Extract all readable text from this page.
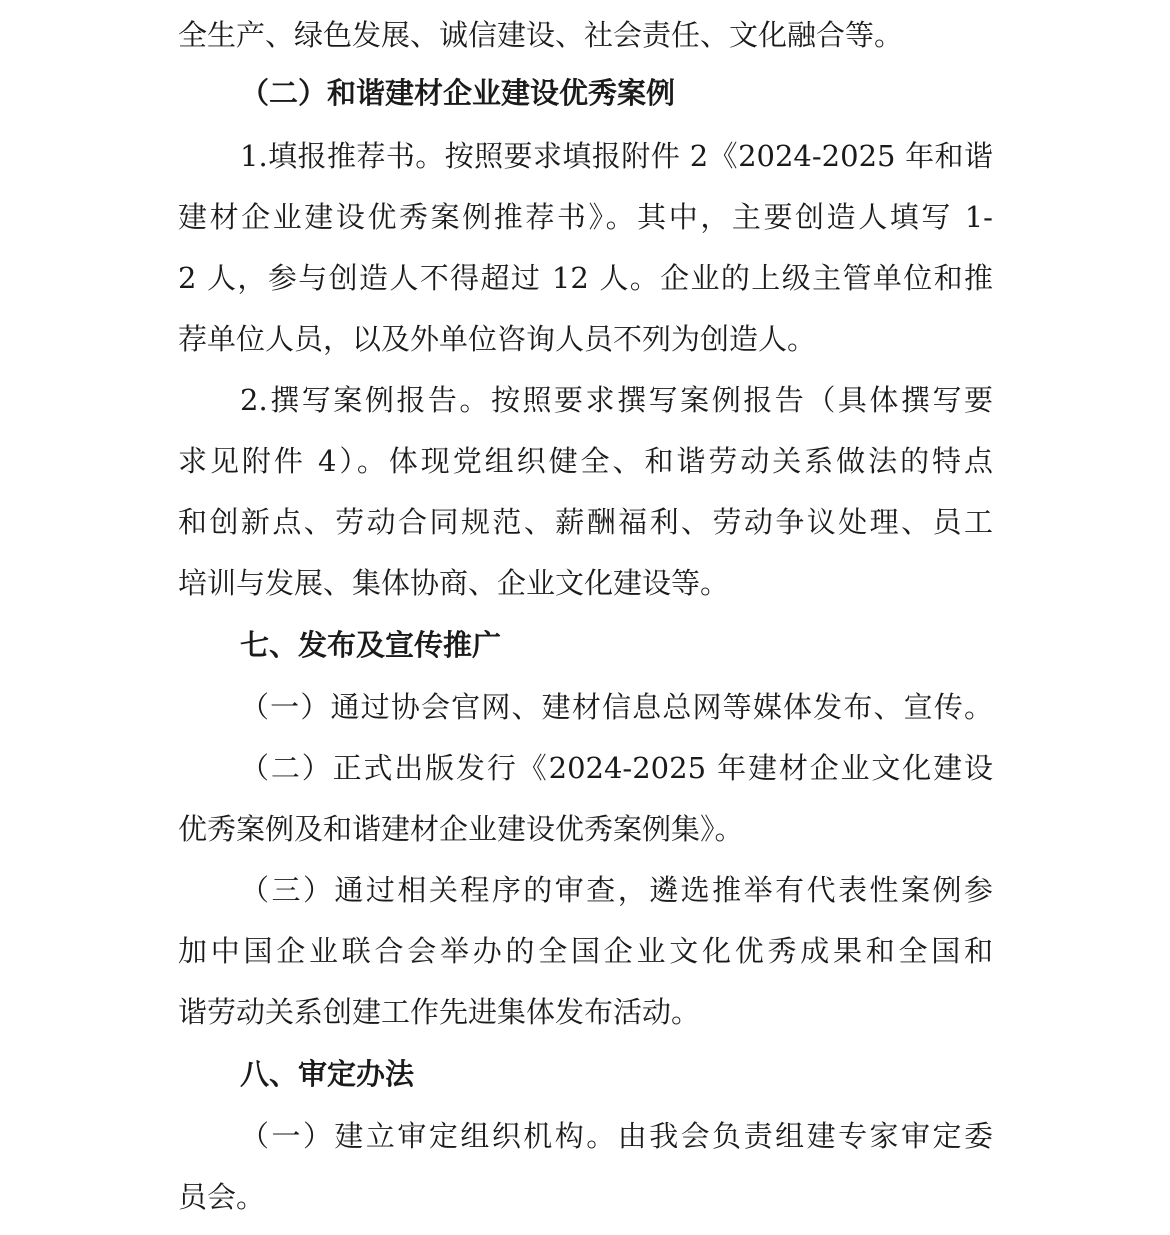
全生产、绿色发展、诚信建设、社会责任、文化融合等。
（二）和谐建材企业建设优秀案例
1.填报推荐书。按照要求填报附件 2《2024-2025 年和谐
建材企业建设优秀案例推荐书》。其中，主要创造人填写 1-
2 人，参与创造人不得超过 12 人。企业的上级主管单位和推
荐单位人员，以及外单位咨询人员不列为创造人。
2.撰写案例报告。按照要求撰写案例报告（具体撰写要
求见附件 4）。体现党组织健全、和谐劳动关系做法的特点
和创新点、劳动合同规范、薪酬福利、劳动争议处理、员工
培训与发展、集体协商、企业文化建设等。
七、发布及宣传推广
（一）通过协会官网、建材信息总网等媒体发布、宣传。
（二）正式出版发行《2024-2025 年建材企业文化建设
优秀案例及和谐建材企业建设优秀案例集》。
（三）通过相关程序的审查，遴选推举有代表性案例参
加中国企业联合会举办的全国企业文化优秀成果和全国和
谐劳动关系创建工作先进集体发布活动。
八、审定办法
（一）建立审定组织机构。由我会负责组建专家审定委
员会。
